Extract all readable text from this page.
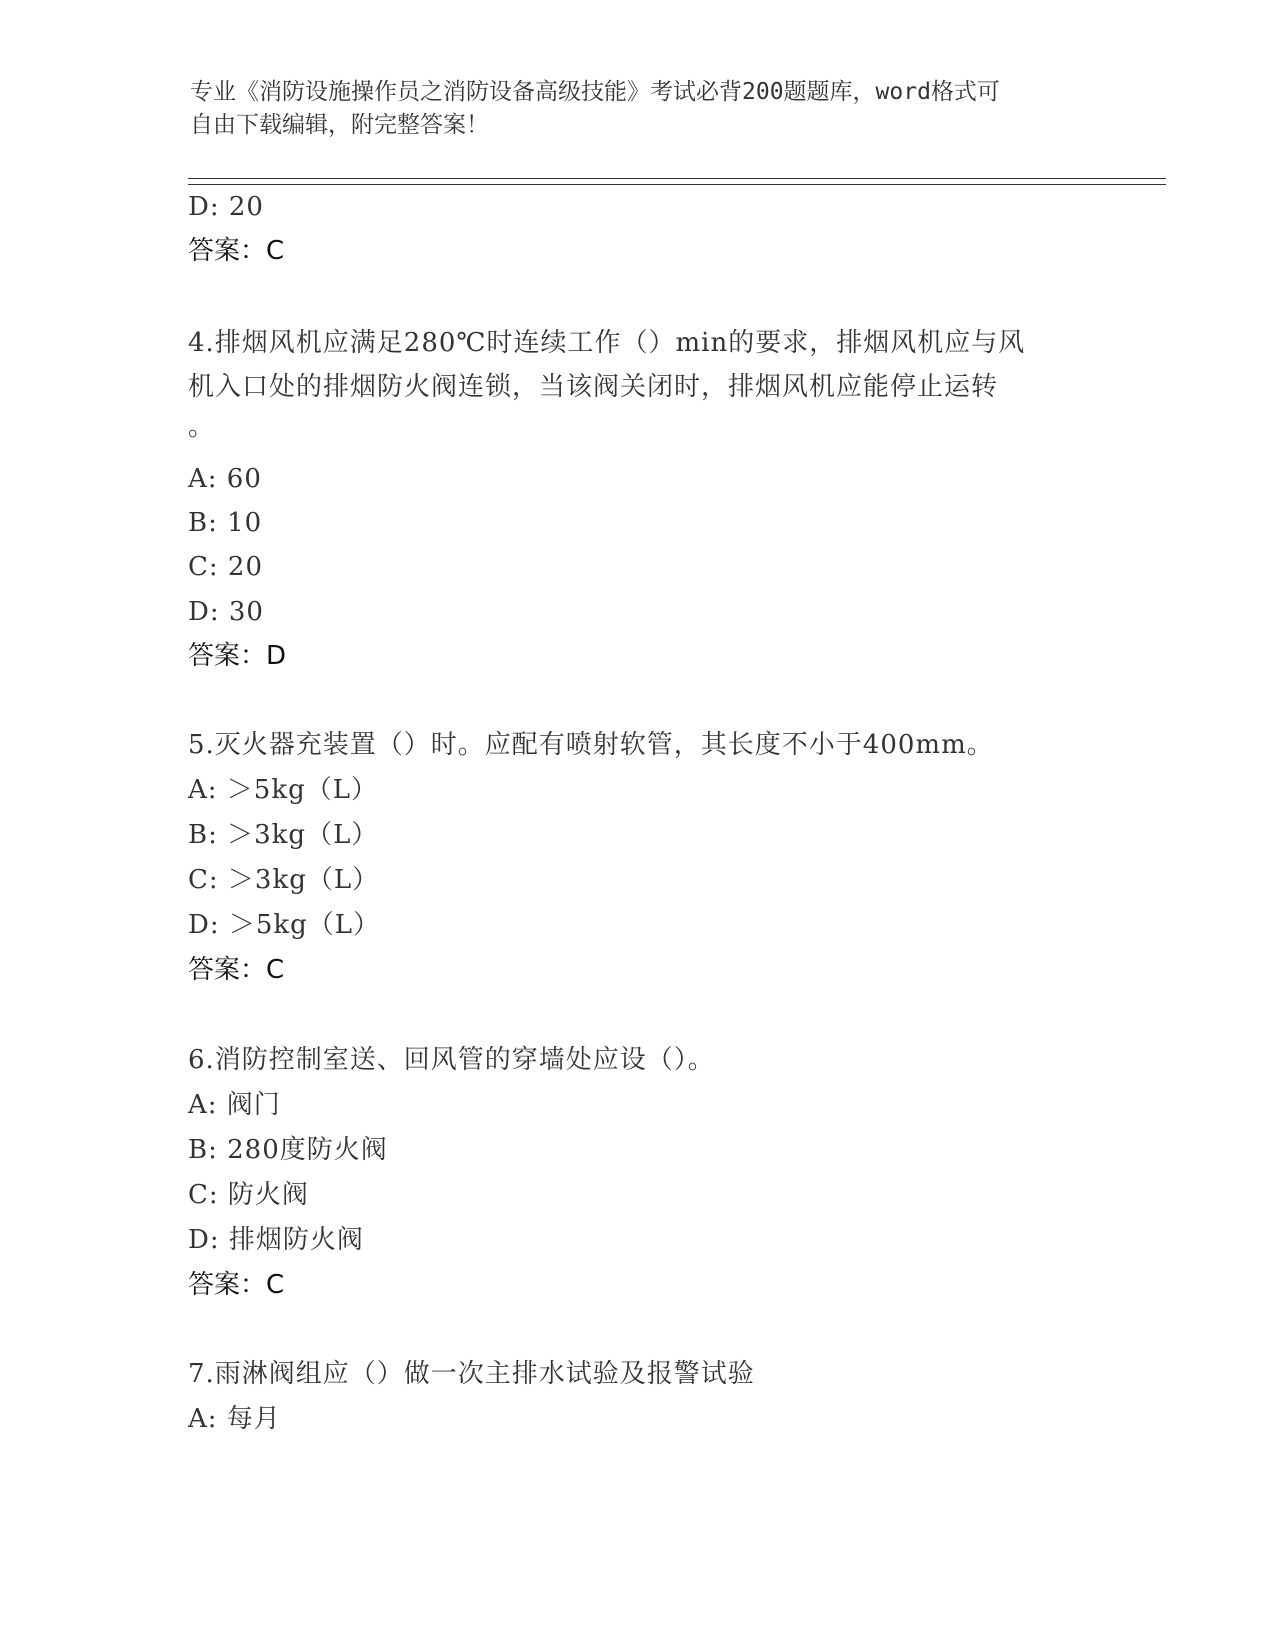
专业《消防设施操作员之消防设备高级技能》考试必背200题题库，word格式可
自由下载编辑，附完整答案！
D: 20
答案：C
4.排烟风机应满足280℃时连续工作（）min的要求，排烟风机应与风
机入口处的排烟防火阀连锁，当该阀关闭时，排烟风机应能停止运转
。
A: 60
B: 10
C: 20
D: 30
答案：D
5.灭火器充装置（）时。应配有喷射软管，其长度不小于400mm。
A: ＞5kg（L）
B: ＞3kg（L）
C: ＞3kg（L）
D: ＞5kg（L）
答案：C
6.消防控制室送、回风管的穿墙处应设（）。
A: 阀门
B: 280度防火阀
C: 防火阀
D: 排烟防火阀
答案：C
7.雨淋阀组应（）做一次主排水试验及报警试验
A: 每月
